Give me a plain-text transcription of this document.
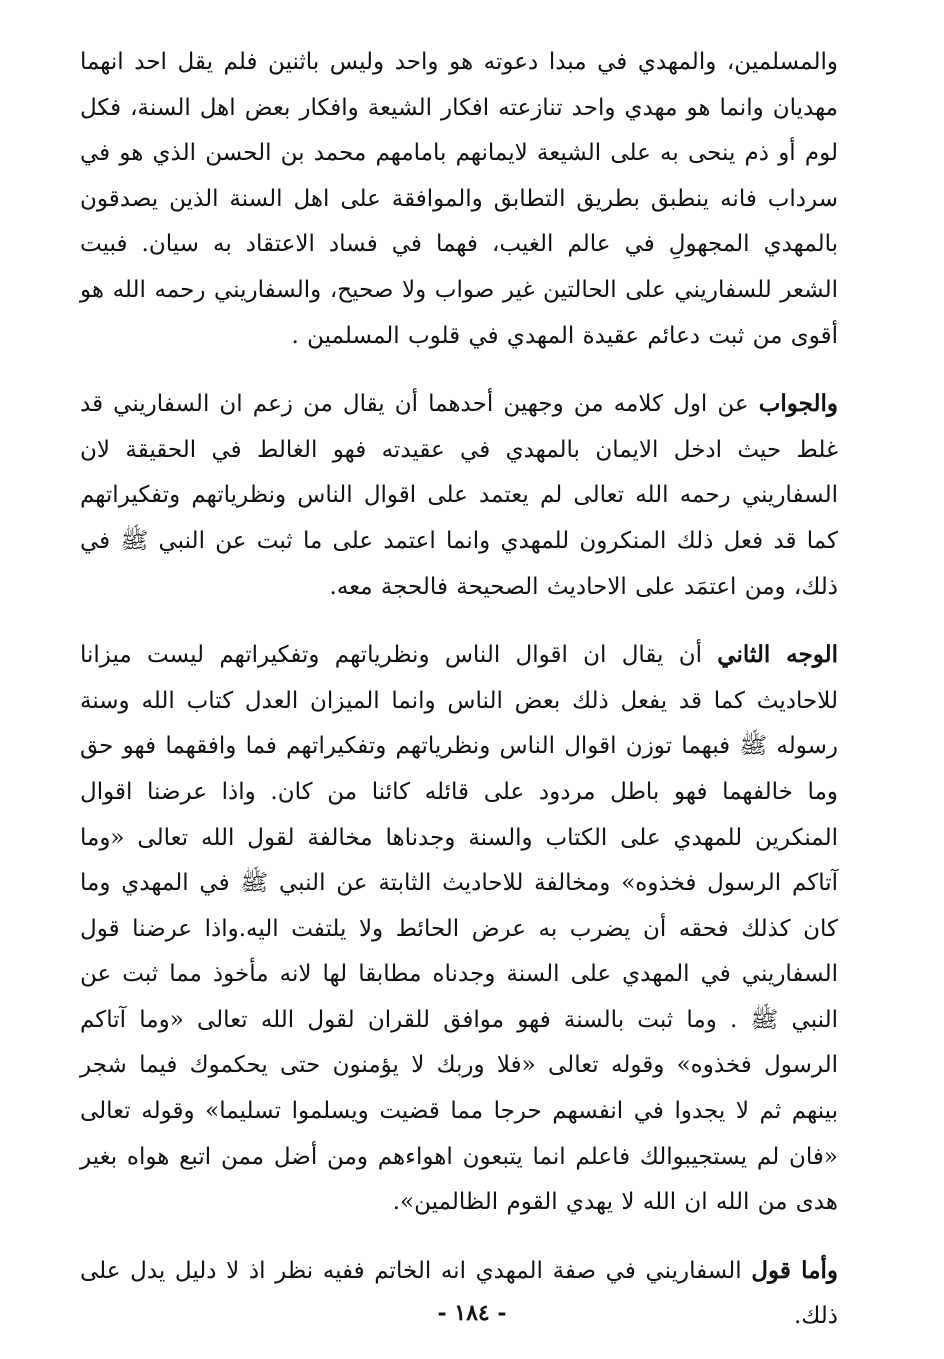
والمسلمين، والمهدي في مبدا دعوته هو واحد وليس باثنين فلم يقل احد انهما مهديان وانما هو مهدي واحد تنازعته افكار الشيعة وافكار بعض اهل السنة، فكل لوم أو ذم ينحى به على الشيعة لايمانهم بامامهم محمد بن الحسن الذي هو في سرداب فانه ينطبق بطريق التطابق والموافقة على اهل السنة الذين يصدقون بالمهدي المجهولِ في عالم الغيب، فهما في فساد الاعتقاد به سيان. فبيت الشعر للسفاريني على الحالتين غير صواب ولا صحيح، والسفاريني رحمه الله هو أقوى من ثبت دعائم عقيدة المهدي في قلوب المسلمين .

والجواب عن اول كلامه من وجهين أحدهما أن يقال من زعم ان السفاريني قد غلط حيث ادخل الايمان بالمهدي في عقيدته فهو الغالط في الحقيقة لان السفاريني رحمه الله تعالى لم يعتمد على اقوال الناس ونظرياتهم وتفكيراتهم كما قد فعل ذلك المنكرون للمهدي وانما اعتمد على ما ثبت عن النبي ﷺ في ذلك، ومن اعتمَد على الاحاديث الصحيحة فالحجة معه.

الوجه الثاني أن يقال ان اقوال الناس ونظرياتهم وتفكيراتهم ليست ميزانا للاحاديث كما قد يفعل ذلك بعض الناس وانما الميزان العدل كتاب الله وسنة رسوله ﷺ فبهما توزن اقوال الناس ونظرياتهم وتفكيراتهم فما وافقهما فهو حق وما خالفهما فهو باطل مردود على قائله كائنا من كان. واذا عرضنا اقوال المنكرين للمهدي على الكتاب والسنة وجدناها مخالفة لقول الله تعالى «وما آتاكم الرسول فخذوه» ومخالفة للاحاديث الثابتة عن النبي ﷺ في المهدي وما كان كذلك فحقه أن يضرب به عرض الحائط ولا يلتفت اليه.واذا عرضنا قول السفاريني في المهدي على السنة وجدناه مطابقا لها لانه مأخوذ مما ثبت عن النبي ﷺ . وما ثبت بالسنة فهو موافق للقران لقول الله تعالى «وما آتاكم الرسول فخذوه» وقوله تعالى «فلا وربك لا يؤمنون حتى يحكموك فيما شجر بينهم ثم لا يجدوا في انفسهم حرجا مما قضيت ويسلموا تسليما» وقوله تعالى «فان لم يستجيبوالك فاعلم انما يتبعون اهواءهم ومن أضل ممن اتبع هواه بغير هدى من الله ان الله لا يهدي القوم الظالمين».

وأما قول السفاريني في صفة المهدي انه الخاتم ففيه نظر اذ لا دليل يدل على ذلك.

- ١٨٤ -
